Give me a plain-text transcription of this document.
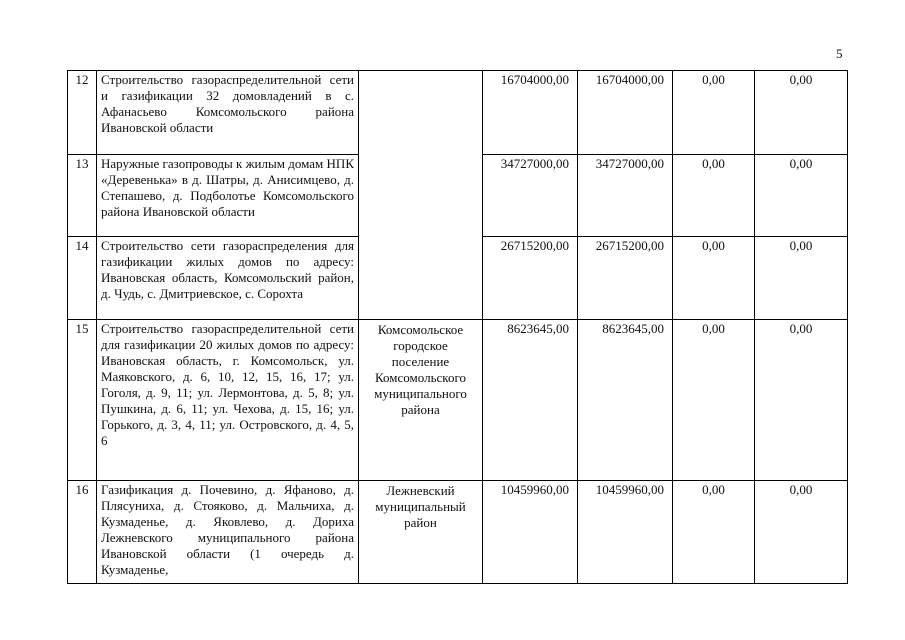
5
12	Строительство газораспределительной сети и газификации 32 домовладений в с. Афанасьево Комсомольского района Ивановской области		16704000,00	16704000,00	0,00	0,00
13	Наружные газопроводы к жилым домам НПК «Деревенька» в д. Шатры, д. Анисимцево, д. Степашево, д. Подболотье Комсомольского района Ивановской области		34727000,00	34727000,00	0,00	0,00
14	Строительство сети газораспределения для газификации жилых домов по адресу: Ивановская область, Комсомольский район, д. Чудь, с. Дмитриевское, с. Сорохта		26715200,00	26715200,00	0,00	0,00
15	Строительство газораспределительной сети для газификации 20 жилых домов по адресу: Ивановская область, г. Комсомольск, ул. Маяковского, д. 6, 10, 12, 15, 16, 17; ул. Гоголя, д. 9, 11; ул. Лермонтова, д. 5, 8; ул. Пушкина, д. 6, 11; ул. Чехова, д. 15, 16; ул. Горького, д. 3, 4, 11; ул. Островского, д. 4, 5, 6	Комсомольское городское поселение Комсомольского муниципального района	8623645,00	8623645,00	0,00	0,00
16	Газификация д. Почевино, д. Яфаново, д. Плясуниха, д. Стояково, д. Мальчиха, д. Кузмаденье, д. Яковлево, д. Дориха Лежневского муниципального района Ивановской области (1 очередь д. Кузмаденье,	Лежневский муниципальный район	10459960,00	10459960,00	0,00	0,00
